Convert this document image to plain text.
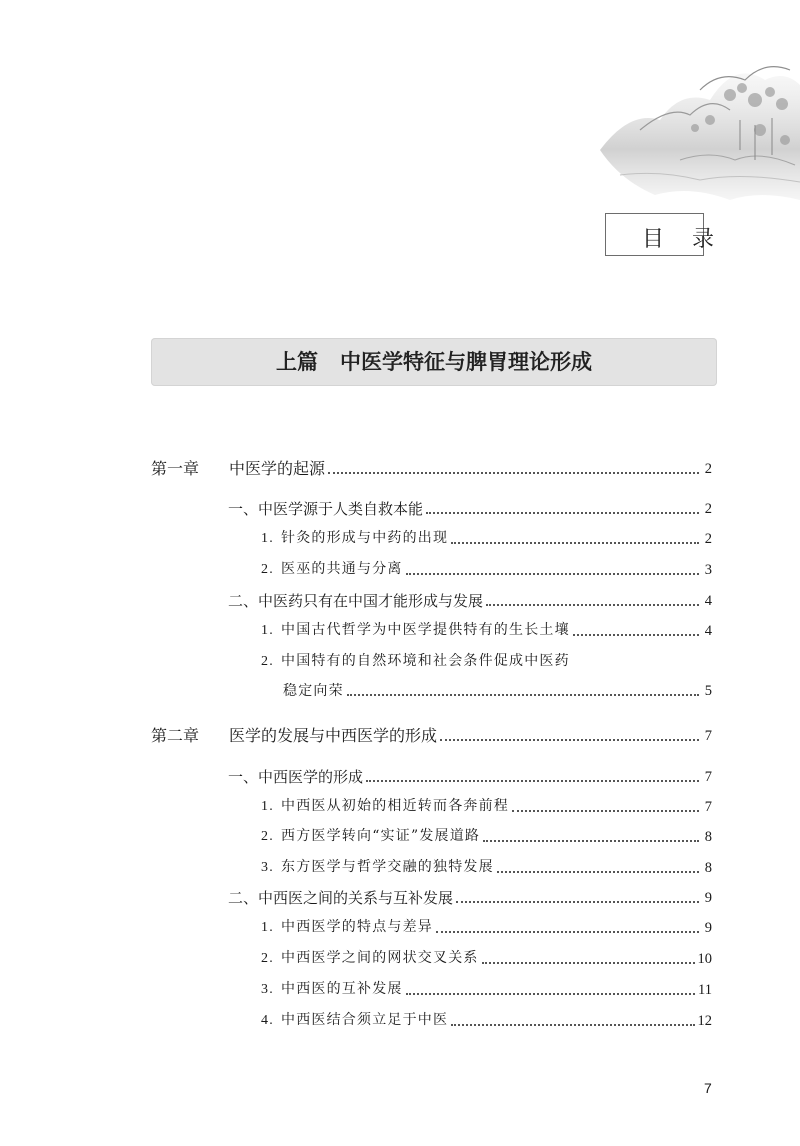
目 录
上篇 中医学特征与脾胃理论形成
第一章 中医学的起源	2
一、中医学源于人类自救本能	2
1. 针灸的形成与中药的出现	2
2. 医巫的共通与分离	3
二、中医药只有在中国才能形成与发展	4
1. 中国古代哲学为中医学提供特有的生长土壤	4
2. 中国特有的自然环境和社会条件促成中医药
稳定向荣	5
第二章 医学的发展与中西医学的形成	7
一、中西医学的形成	7
1. 中西医从初始的相近转而各奔前程	7
2. 西方医学转向“实证”发展道路	8
3. 东方医学与哲学交融的独特发展	8
二、中西医之间的关系与互补发展	9
1. 中西医学的特点与差异	9
2. 中西医学之间的网状交叉关系	10
3. 中西医的互补发展	11
4. 中西医结合须立足于中医	12
7
